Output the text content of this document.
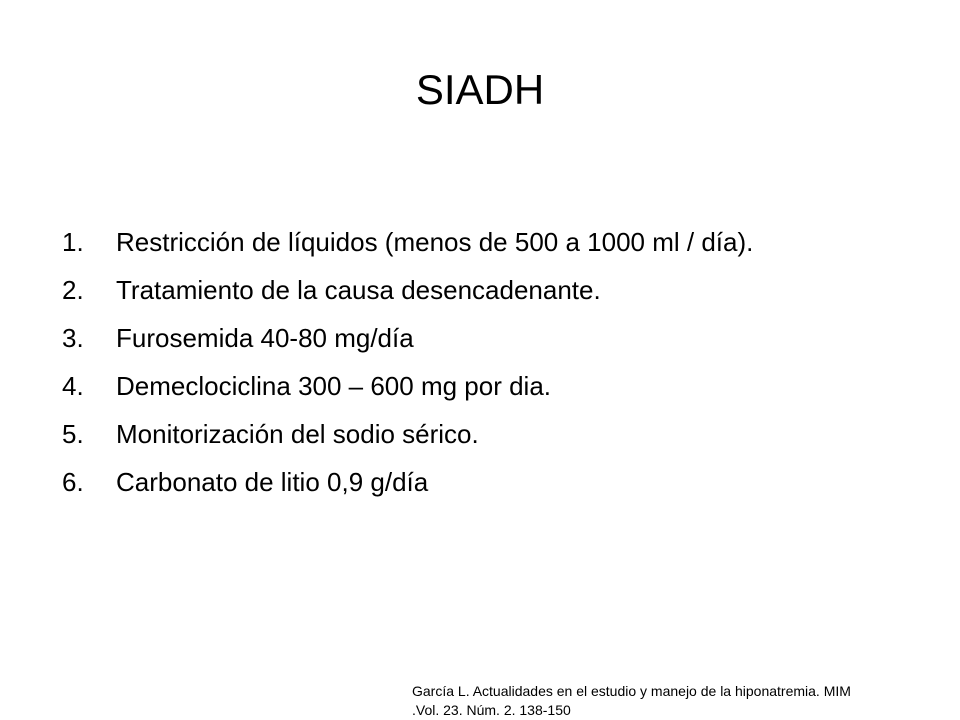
SIADH
1.	Restricción de líquidos (menos de 500 a 1000 ml / día).
2.	Tratamiento de la causa desencadenante.
3.	Furosemida 40-80 mg/día
4.	Demeclociclina 300 – 600 mg por dia.
5.	Monitorización del sodio sérico.
6.	Carbonato de litio 0,9 g/día
García L. Actualidades en el estudio y manejo de la hiponatremia. MIM
.Vol. 23. Núm. 2. 138-150
